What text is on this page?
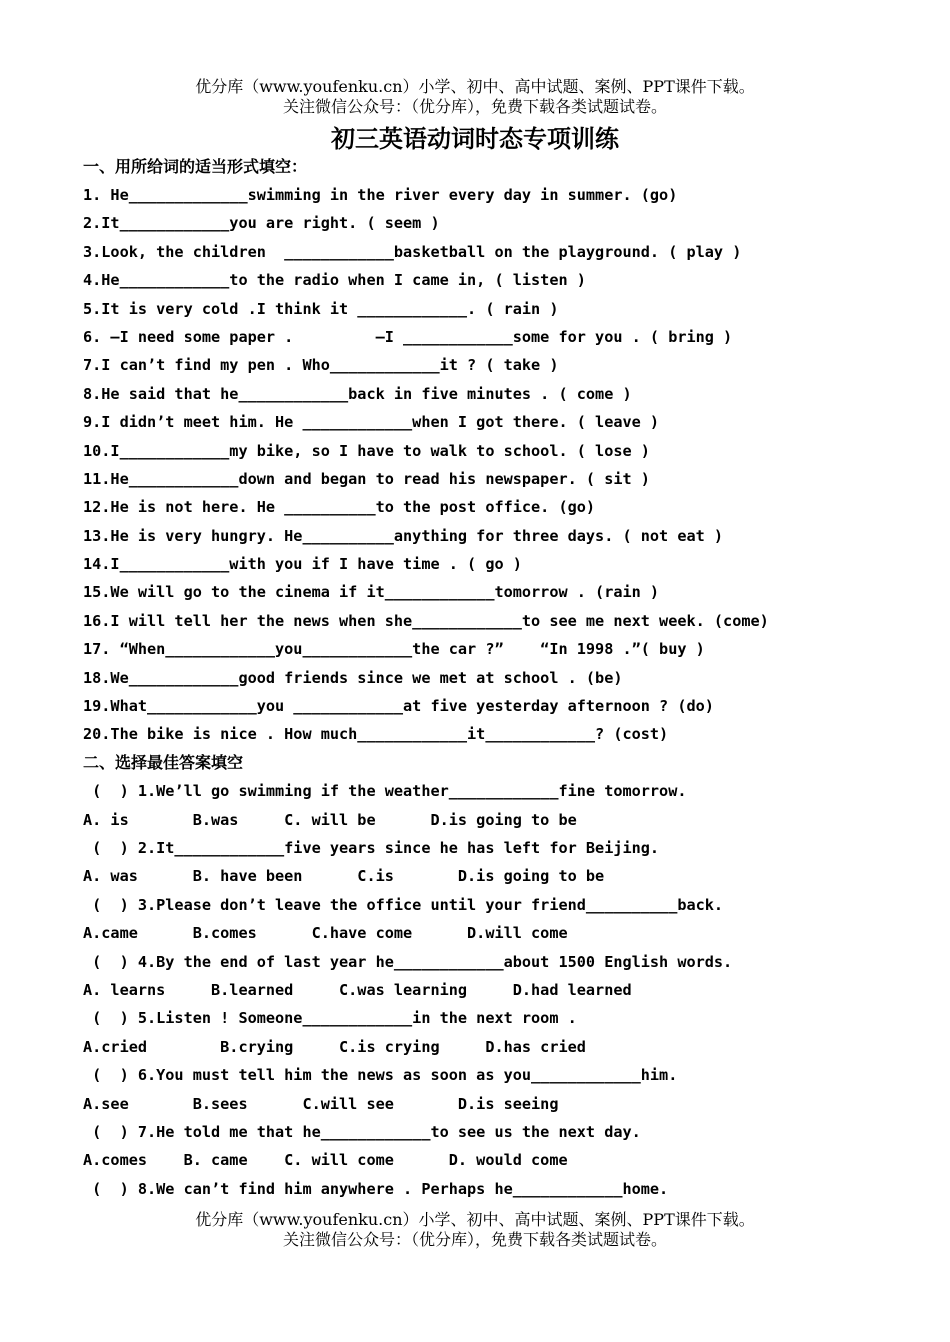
优分库（www.youfenku.cn）小学、初中、高中试题、案例、PPT课件下载。
关注微信公众号：（优分库），免费下载各类试题试卷。
初三英语动词时态专项训练
一、用所给词的适当形式填空：
1. He_____________swimming in the river every day in summer. (go)
2.It____________you are right. ( seem )
3.Look, the children  ____________basketball on the playground. ( play )
4.He____________to the radio when I came in, ( listen )
5.It is very cold .I think it ____________. ( rain )
6. —I need some paper .         —I ____________some for you . ( bring )
7.I can’t find my pen . Who____________it ? ( take )
8.He said that he____________back in five minutes . ( come )
9.I didn’t meet him. He ____________when I got there. ( leave )
10.I____________my bike, so I have to walk to school. ( lose )
11.He____________down and began to read his newspaper. ( sit )
12.He is not here. He __________to the post office. (go)
13.He is very hungry. He__________anything for three days. ( not eat )
14.I____________with you if I have time . ( go )
15.We will go to the cinema if it____________tomorrow . (rain )
16.I will tell her the news when she____________to see me next week. (come)
17. “When____________you____________the car ?”    “In 1998 .”( buy )
18.We____________good friends since we met at school . (be)
19.What____________you ____________at five yesterday afternoon ? (do)
20.The bike is nice . How much____________it____________? (cost)
二、选择最佳答案填空
(  ) 1.We’ll go swimming if the weather____________fine tomorrow.
A. is       B.was     C. will be      D.is going to be
(  ) 2.It____________five years since he has left for Beijing.
A. was      B. have been      C.is       D.is going to be
(  ) 3.Please don’t leave the office until your friend__________back.
A.came      B.comes      C.have come      D.will come
(  ) 4.By the end of last year he____________about 1500 English words.
A. learns     B.learned     C.was learning     D.had learned
(  ) 5.Listen ! Someone____________in the next room .
A.cried        B.crying     C.is crying     D.has cried
(  ) 6.You must tell him the news as soon as you____________him.
A.see       B.sees      C.will see       D.is seeing
(  ) 7.He told me that he____________to see us the next day.
A.comes    B. came    C. will come      D. would come
(  ) 8.We can’t find him anywhere . Perhaps he____________home.
优分库（www.youfenku.cn）小学、初中、高中试题、案例、PPT课件下载。
关注微信公众号：（优分库），免费下载各类试题试卷。
